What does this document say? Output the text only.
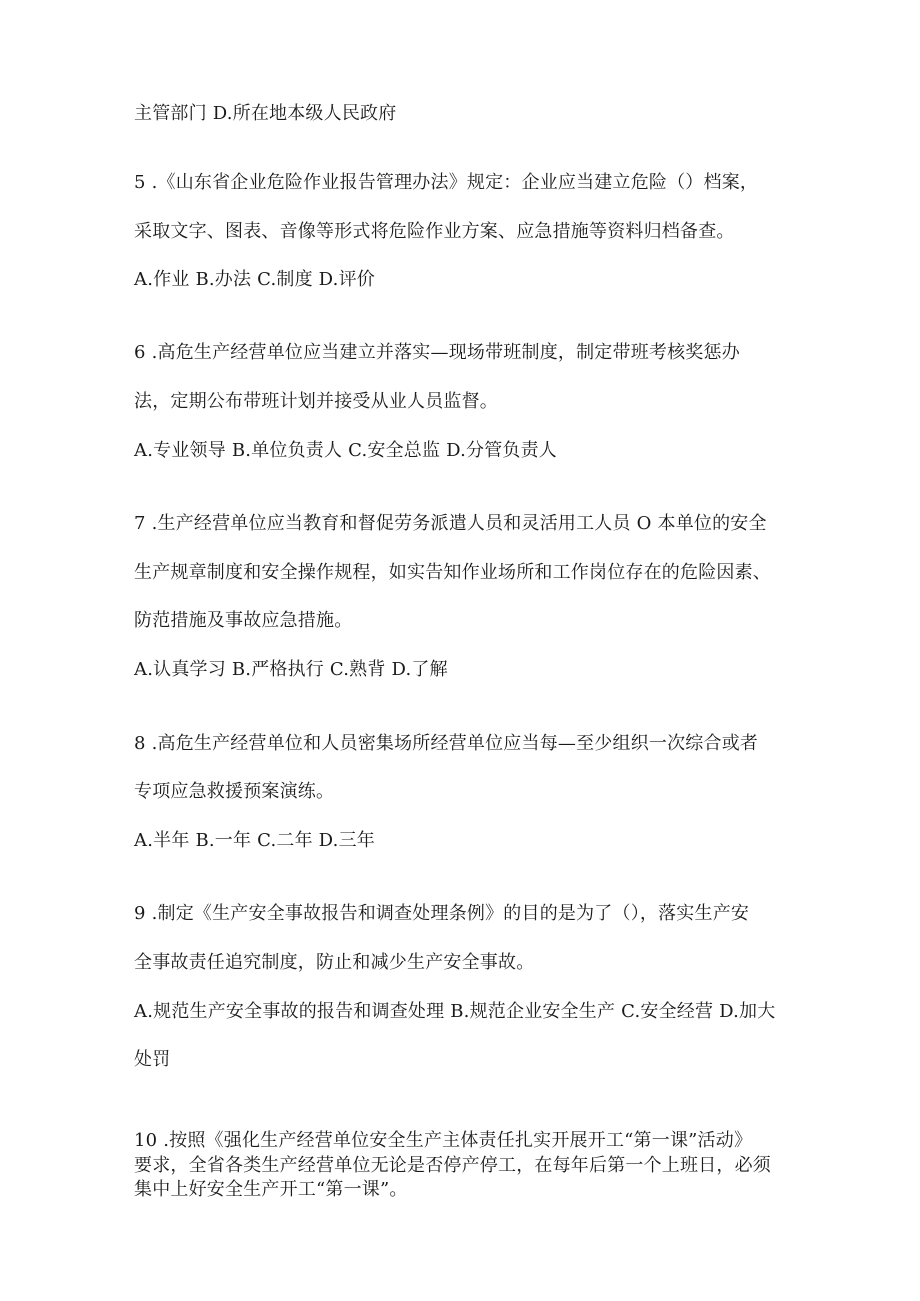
主管部门 D.所在地本级人民政府
5 .《山东省企业危险作业报告管理办法》规定：企业应当建立危险（）档案，
采取文字、图表、音像等形式将危险作业方案、应急措施等资料归档备查。
A.作业 B.办法 C.制度 D.评价
6 .高危生产经营单位应当建立并落实—现场带班制度，制定带班考核奖惩办
法，定期公布带班计划并接受从业人员监督。
A.专业领导 B.单位负责人 C.安全总监 D.分管负责人
7 .生产经营单位应当教育和督促劳务派遣人员和灵活用工人员 O 本单位的安全
生产规章制度和安全操作规程，如实告知作业场所和工作岗位存在的危险因素、
防范措施及事故应急措施。
A.认真学习 B.严格执行 C.熟背 D.了解
8 .高危生产经营单位和人员密集场所经营单位应当每—至少组织一次综合或者
专项应急救援预案演练。
A.半年 B.一年 C.二年 D.三年
9 .制定《生产安全事故报告和调查处理条例》的目的是为了（），落实生产安
全事故责任追究制度，防止和减少生产安全事故。
A.规范生产安全事故的报告和调查处理 B.规范企业安全生产 C.安全经营 D.加大
处罚
10 .按照《强化生产经营单位安全生产主体责任扎实开展开工“第一课”活动》
要求，全省各类生产经营单位无论是否停产停工，在每年后第一个上班日，必须
集中上好安全生产开工“第一课”。
